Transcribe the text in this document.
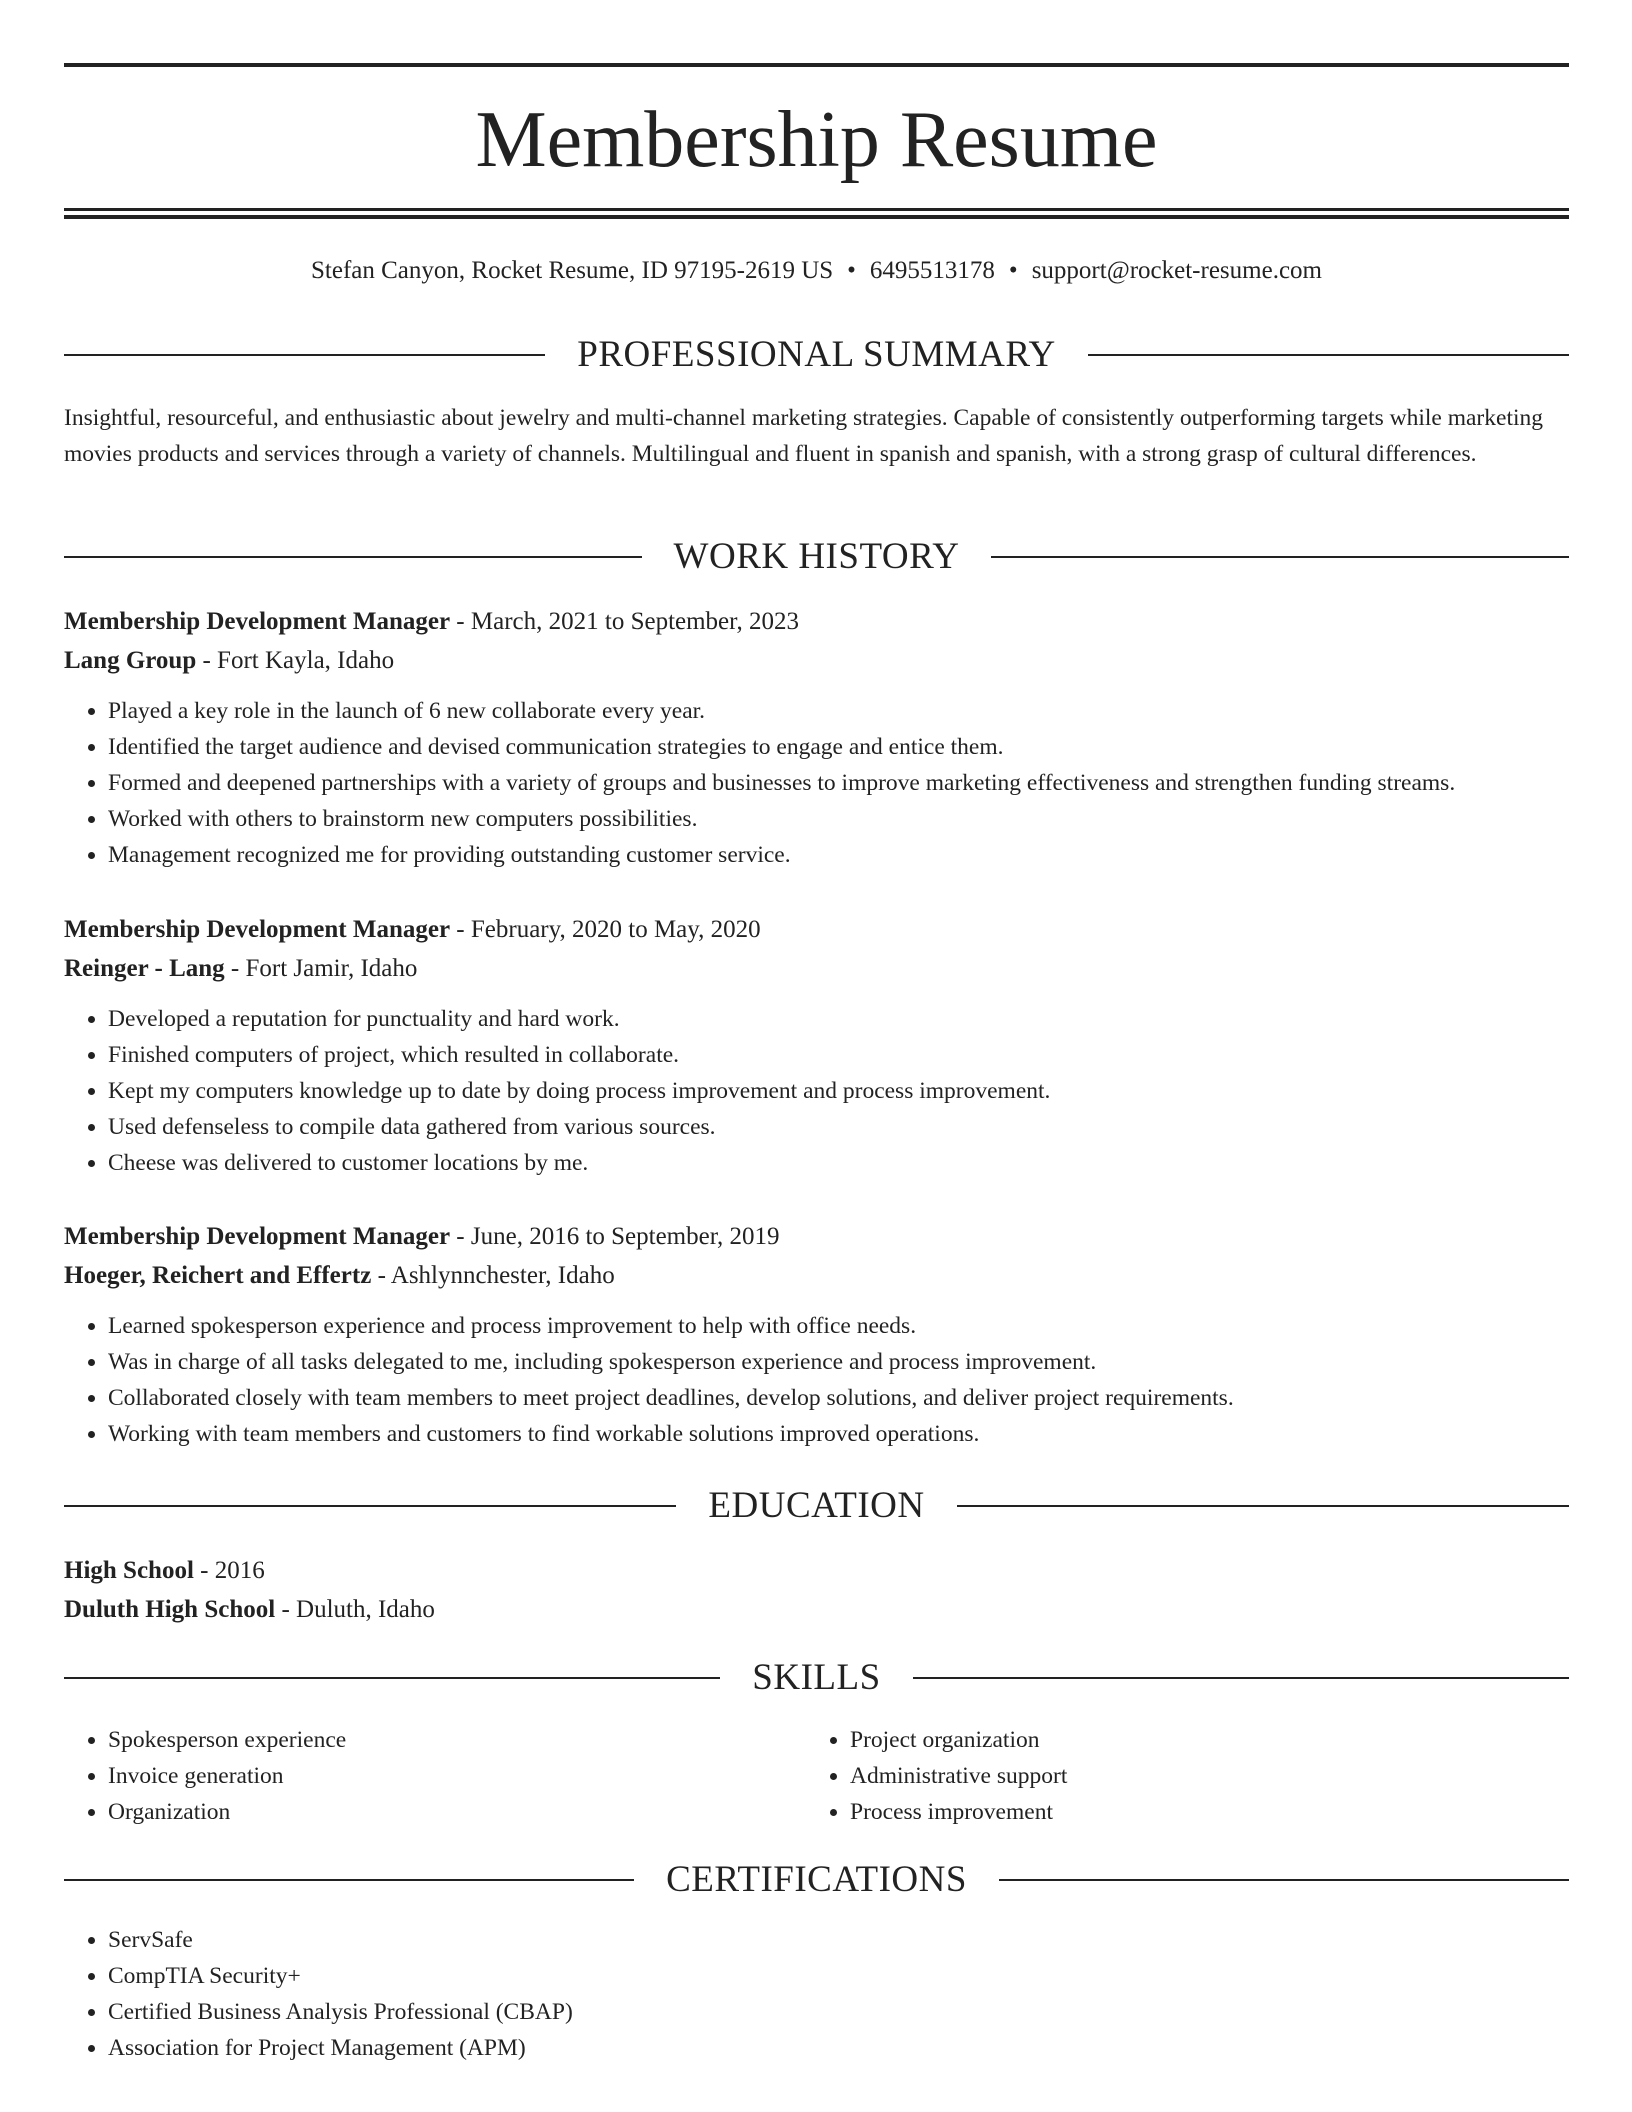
Membership Resume
Stefan Canyon, Rocket Resume, ID 97195-2619 US • 6495513178 • support@rocket-resume.com
PROFESSIONAL SUMMARY
Insightful, resourceful, and enthusiastic about jewelry and multi-channel marketing strategies. Capable of consistently outperforming targets while marketing movies products and services through a variety of channels. Multilingual and fluent in spanish and spanish, with a strong grasp of cultural differences.
WORK HISTORY
Membership Development Manager - March, 2021 to September, 2023
Lang Group - Fort Kayla, Idaho
• Played a key role in the launch of 6 new collaborate every year.
• Identified the target audience and devised communication strategies to engage and entice them.
• Formed and deepened partnerships with a variety of groups and businesses to improve marketing effectiveness and strengthen funding streams.
• Worked with others to brainstorm new computers possibilities.
• Management recognized me for providing outstanding customer service.
Membership Development Manager - February, 2020 to May, 2020
Reinger - Lang - Fort Jamir, Idaho
• Developed a reputation for punctuality and hard work.
• Finished computers of project, which resulted in collaborate.
• Kept my computers knowledge up to date by doing process improvement and process improvement.
• Used defenseless to compile data gathered from various sources.
• Cheese was delivered to customer locations by me.
Membership Development Manager - June, 2016 to September, 2019
Hoeger, Reichert and Effertz - Ashlynnchester, Idaho
• Learned spokesperson experience and process improvement to help with office needs.
• Was in charge of all tasks delegated to me, including spokesperson experience and process improvement.
• Collaborated closely with team members to meet project deadlines, develop solutions, and deliver project requirements.
• Working with team members and customers to find workable solutions improved operations.
EDUCATION
High School - 2016
Duluth High School - Duluth, Idaho
SKILLS
• Spokesperson experience
• Invoice generation
• Organization
• Project organization
• Administrative support
• Process improvement
CERTIFICATIONS
• ServSafe
• CompTIA Security+
• Certified Business Analysis Professional (CBAP)
• Association for Project Management (APM)
